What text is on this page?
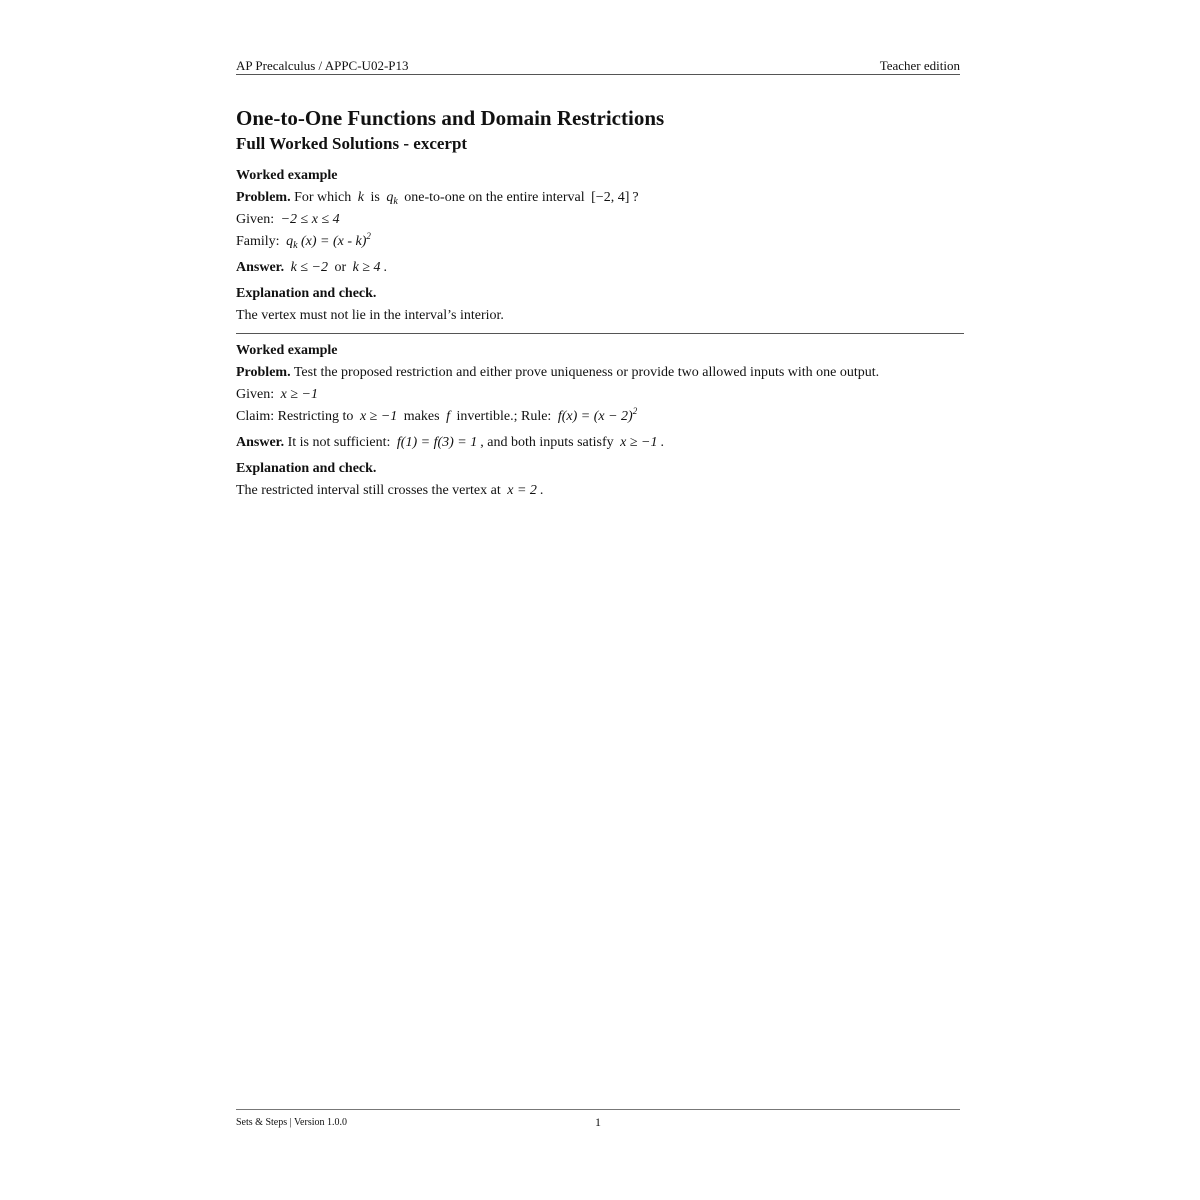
AP Precalculus / APPC-U02-P13	Teacher edition
One-to-One Functions and Domain Restrictions
Full Worked Solutions - excerpt
Worked example
Problem. For which k is $q_k$ one-to-one on the entire interval [−2, 4] ?
Given: −2 ≤ x ≤ 4
Family: $q_k$ (x) = (x - k)$^2$
Answer. k ≤ −2 or k ≥ 4 .
Explanation and check.
The vertex must not lie in the interval’s interior.
Worked example
Problem. Test the proposed restriction and either prove uniqueness or provide two allowed inputs with one output.
Given: x ≥ −1
Claim: Restricting to x ≥ −1 makes f invertible.; Rule: $f(x) = (x - 2)^2$
Answer. It is not sufficient: f(1) = f(3) = 1 , and both inputs satisfy x ≥ −1 .
Explanation and check.
The restricted interval still crosses the vertex at x = 2 .
Sets & Steps | Version 1.0.0	1
